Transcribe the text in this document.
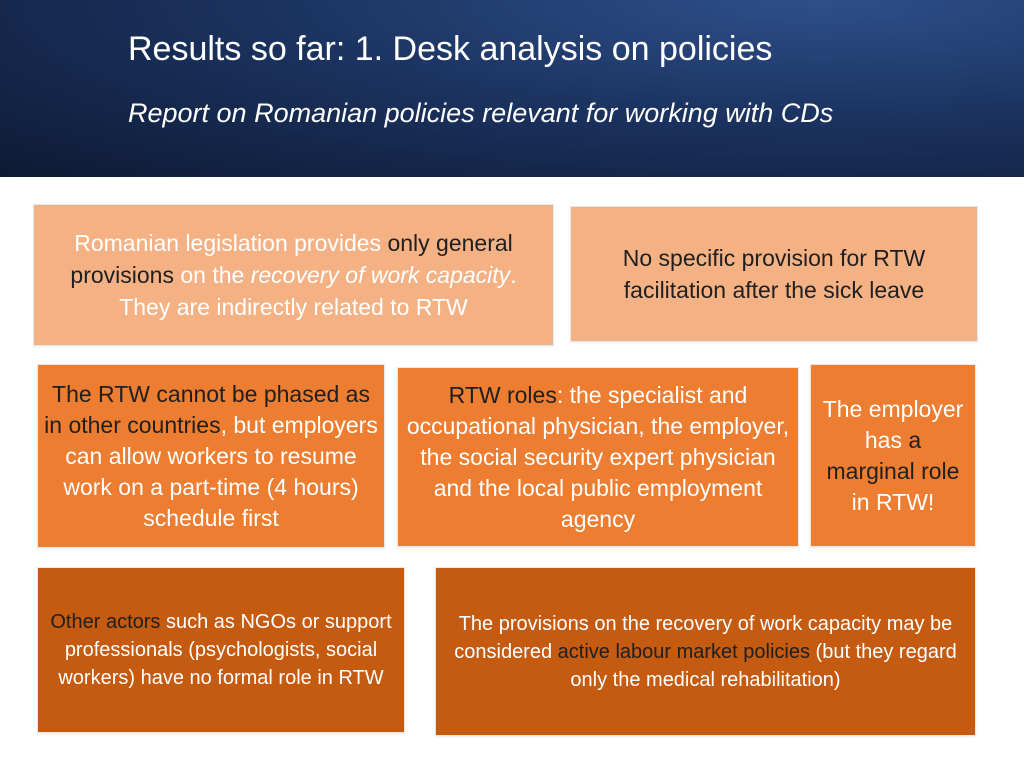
Results so far: 1. Desk analysis on policies
Report on Romanian policies relevant for working with CDs

Romanian legislation provides only general provisions on the recovery of work capacity. They are indirectly related to RTW

No specific provision for RTW facilitation after the sick leave

The RTW cannot be phased as in other countries, but employers can allow workers to resume work on a part-time (4 hours) schedule first

RTW roles: the specialist and occupational physician, the employer, the social security expert physician and the local public employment agency

The employer has a marginal role in RTW!

Other actors such as NGOs or support professionals (psychologists, social workers) have no formal role in RTW

The provisions on the recovery of work capacity may be considered active labour market policies (but they regard only the medical rehabilitation)
